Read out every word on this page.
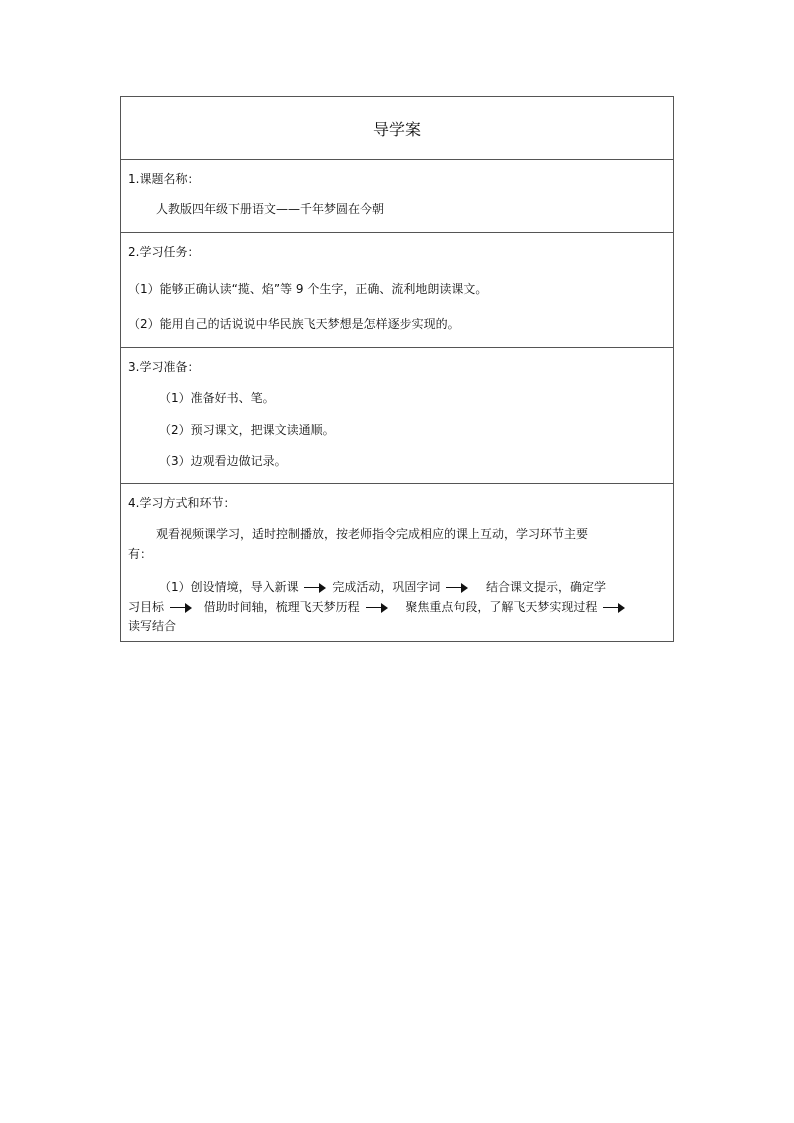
导学案
1.课题名称：
人教版四年级下册语文——千年梦圆在今朝
2.学习任务：
（1）能够正确认读“揽、焰”等 9 个生字，正确、流利地朗读课文。
（2）能用自己的话说说中华民族飞天梦想是怎样逐步实现的。
3.学习准备：
（1）准备好书、笔。
（2）预习课文，把课文读通顺。
（3）边观看边做记录。
4.学习方式和环节：
观看视频课学习，适时控制播放，按老师指令完成相应的课上互动，学习环节主要
有：
（1）创设情境，导入新课	完成活动，巩固字词	结合课文提示，确定学
习目标	借助时间轴，梳理飞天梦历程	聚焦重点句段，了解飞天梦实现过程
读写结合
